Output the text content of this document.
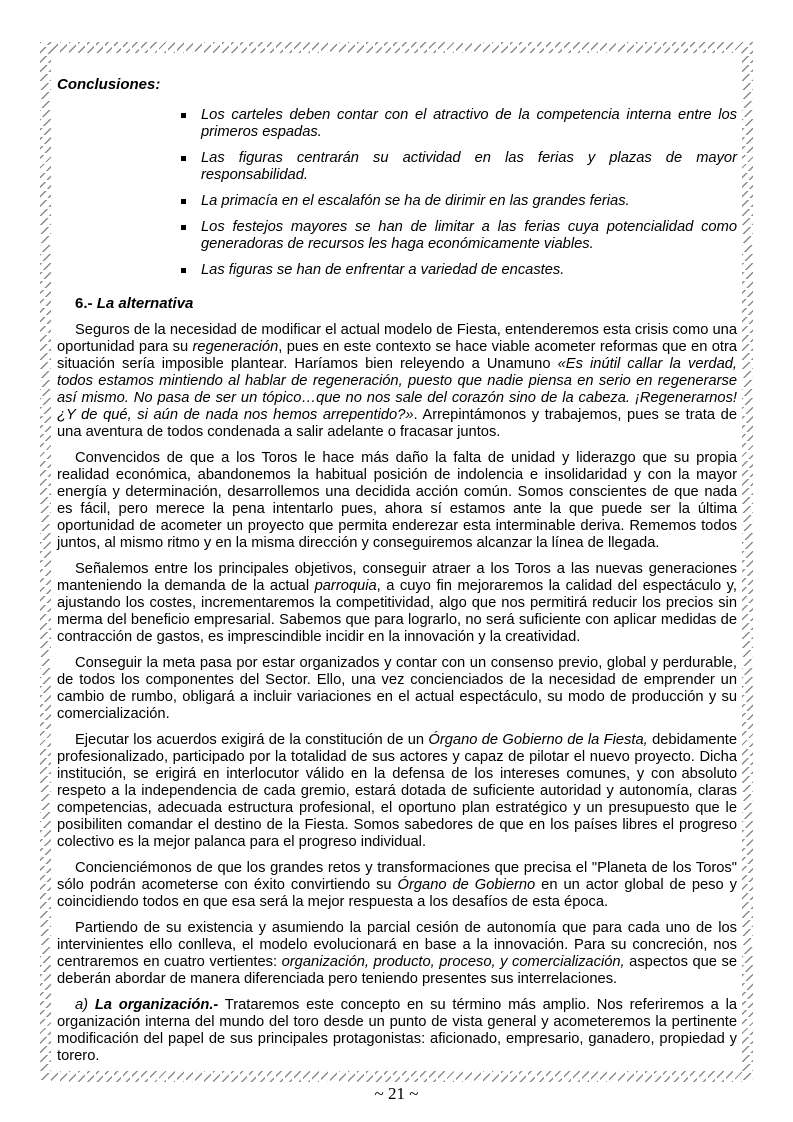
Conclusiones:
Los carteles deben contar con el atractivo de la competencia interna entre los primeros espadas.
Las figuras centrarán su actividad en las ferias y plazas de mayor responsabilidad.
La primacía en el escalafón se ha de dirimir en las grandes ferias.
Los festejos mayores se han de limitar a las ferias cuya potencialidad como generadoras de recursos les haga económicamente viables.
Las figuras se han de enfrentar a variedad de encastes.
6.- La alternativa

Seguros de la necesidad de modificar el actual modelo de Fiesta, entenderemos esta crisis como una oportunidad para su regeneración, pues en este contexto se hace viable acometer reformas que en otra situación sería imposible plantear. Haríamos bien releyendo a Unamuno «Es inútil callar la verdad, todos estamos mintiendo al hablar de regeneración, puesto que nadie piensa en serio en regenerarse así mismo. No pasa de ser un tópico…que no nos sale del corazón sino de la cabeza. ¡Regenerarnos! ¿Y de qué, si aún de nada nos hemos arrepentido?». Arrepintámonos y trabajemos, pues se trata de una aventura de todos condenada a salir adelante o fracasar juntos.

Convencidos de que a los Toros le hace más daño la falta de unidad y liderazgo que su propia realidad económica, abandonemos la habitual posición de indolencia e insolidaridad y con la mayor energía y determinación, desarrollemos una decidida acción común. Somos conscientes de que nada es fácil, pero merece la pena intentarlo pues, ahora sí estamos ante la que puede ser la última oportunidad de acometer un proyecto que permita enderezar esta interminable deriva. Rememos todos juntos, al mismo ritmo y en la misma dirección y conseguiremos alcanzar la línea de llegada.

Señalemos entre los principales objetivos, conseguir atraer a los Toros a las nuevas generaciones manteniendo la demanda de la actual parroquia, a cuyo fin mejoraremos la calidad del espectáculo y, ajustando los costes, incrementaremos la competitividad, algo que nos permitirá reducir los precios sin merma del beneficio empresarial. Sabemos que para lograrlo, no será suficiente con aplicar medidas de contracción de gastos, es imprescindible incidir en la innovación y la creatividad.

Conseguir la meta pasa por estar organizados y contar con un consenso previo, global y perdurable, de todos los componentes del Sector. Ello, una vez concienciados de la necesidad de emprender un cambio de rumbo, obligará a incluir variaciones en el actual espectáculo, su modo de producción y su comercialización.

Ejecutar los acuerdos exigirá de la constitución de un Órgano de Gobierno de la Fiesta, debidamente profesionalizado, participado por la totalidad de sus actores y capaz de pilotar el nuevo proyecto. Dicha institución, se erigirá en interlocutor válido en la defensa de los intereses comunes, y con absoluto respeto a la independencia de cada gremio, estará dotada de suficiente autoridad y autonomía, claras competencias, adecuada estructura profesional, el oportuno plan estratégico y un presupuesto que le posibiliten comandar el destino de la Fiesta. Somos sabedores de que en los países libres el progreso colectivo es la mejor palanca para el progreso individual.

Concienciémonos de que los grandes retos y transformaciones que precisa el "Planeta de los Toros" sólo podrán acometerse con éxito convirtiendo su Órgano de Gobierno en un actor global de peso y coincidiendo todos en que esa será la mejor respuesta a los desafíos de esta época.

Partiendo de su existencia y asumiendo la parcial cesión de autonomía que para cada uno de los intervinientes ello conlleva, el modelo evolucionará en base a la innovación. Para su concreción, nos centraremos en cuatro vertientes: organización, producto, proceso, y comercialización, aspectos que se deberán abordar de manera diferenciada pero teniendo presentes sus interrelaciones.

a) La organización.- Trataremos este concepto en su término más amplio. Nos referiremos a la organización interna del mundo del toro desde un punto de vista general y acometeremos la pertinente modificación del papel de sus principales protagonistas: aficionado, empresario, ganadero, propiedad y torero.

~ 21 ~
